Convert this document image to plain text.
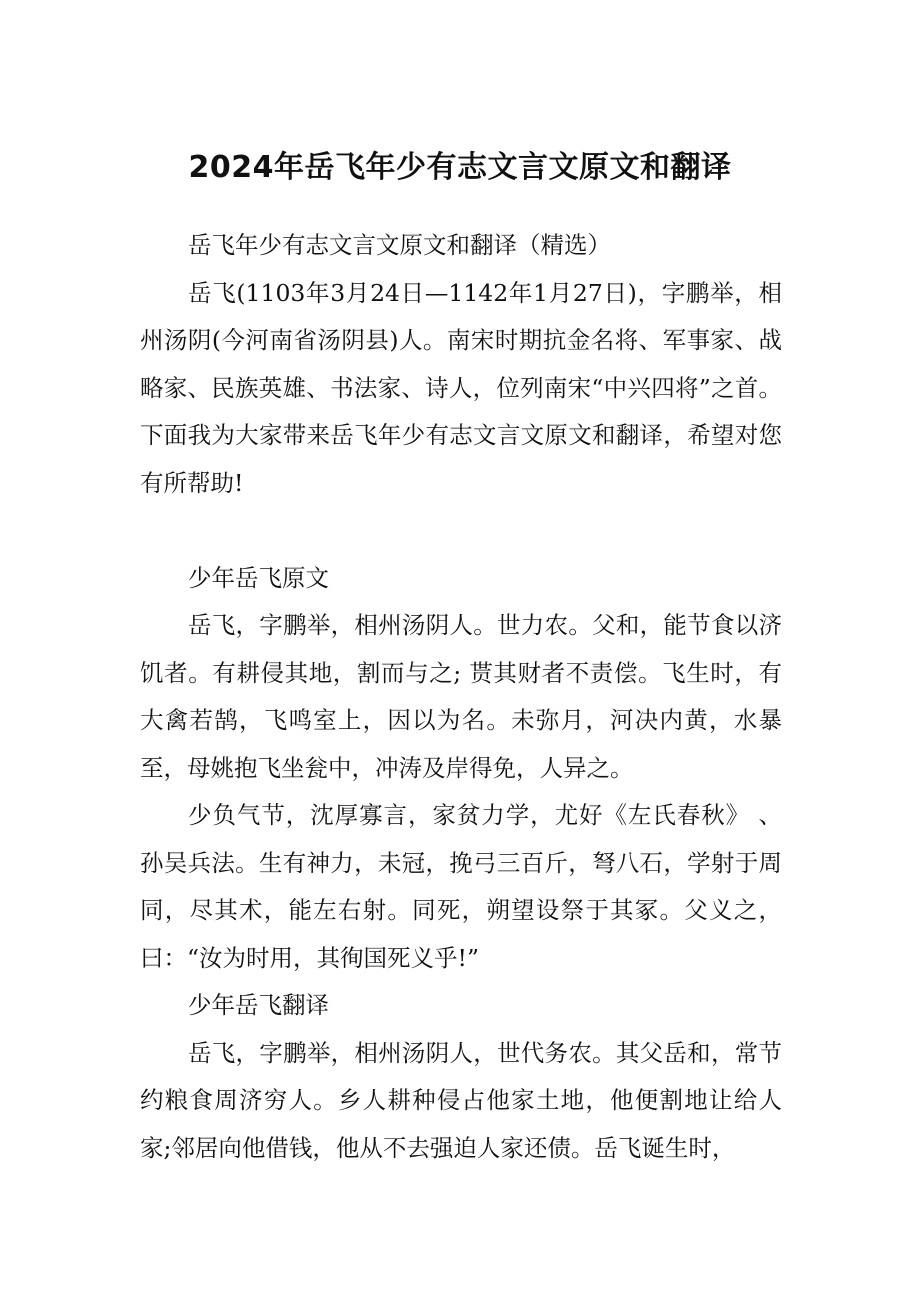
2024年岳飞年少有志文言文原文和翻译

岳飞年少有志文言文原文和翻译（精选）

岳飞(1103年3月24日—1142年1月27日)，字鹏举，相州汤阴(今河南省汤阴县)人。南宋时期抗金名将、军事家、战略家、民族英雄、书法家、诗人，位列南宋“中兴四将”之首。下面我为大家带来岳飞年少有志文言文原文和翻译，希望对您有所帮助!

少年岳飞原文

岳飞，字鹏举，相州汤阴人。世力农。父和，能节食以济饥者。有耕侵其地，割而与之; 贳其财者不责偿。飞生时，有大禽若鹄，飞鸣室上，因以为名。未弥月，河决内黄，水暴至，母姚抱飞坐瓮中，冲涛及岸得免，人异之。

少负气节，沈厚寡言，家贫力学，尤好《左氏春秋》 、孙吴兵法。生有神力，未冠，挽弓三百斤，弩八石，学射于周同，尽其术，能左右射。同死，朔望设祭于其冢。父义之，曰：“汝为时用，其徇国死义乎!”

少年岳飞翻译

岳飞，字鹏举，相州汤阴人，世代务农。其父岳和，常节约粮食周济穷人。乡人耕种侵占他家土地，他便割地让给人家;邻居向他借钱，他从不去强迫人家还债。岳飞诞生时，
